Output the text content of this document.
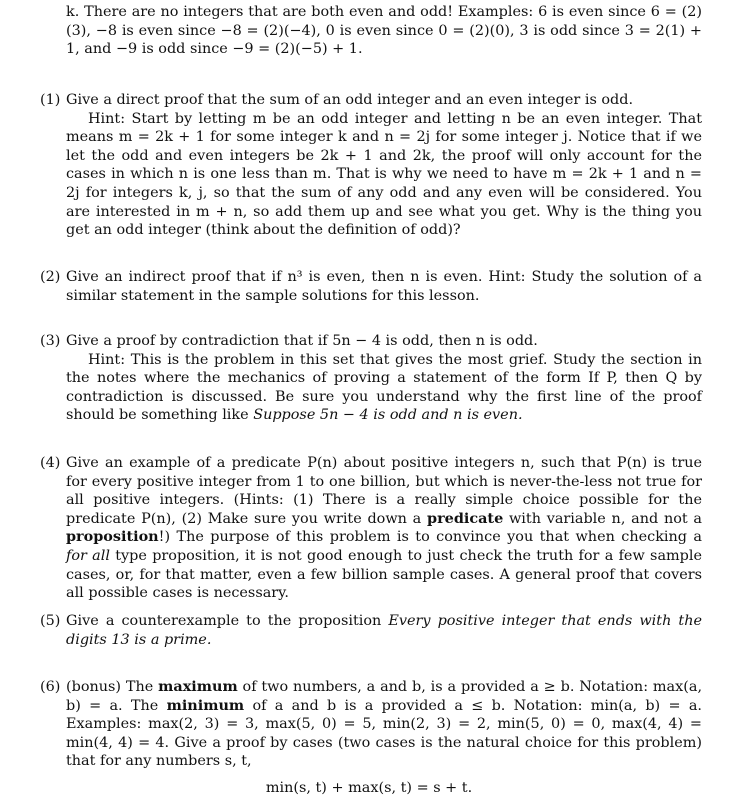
k. There are no integers that are both even and odd! Examples: 6 is even since 6 = (2)(3), −8 is even since −8 = (2)(−4), 0 is even since 0 = (2)(0), 3 is odd since 3 = 2(1) + 1, and −9 is odd since −9 = (2)(−5) + 1.
(1) Give a direct proof that the sum of an odd integer and an even integer is odd.
Hint: Start by letting m be an odd integer and letting n be an even integer. That means m = 2k + 1 for some integer k and n = 2j for some integer j. Notice that if we let the odd and even integers be 2k + 1 and 2k, the proof will only account for the cases in which n is one less than m. That is why we need to have m = 2k + 1 and n = 2j for integers k, j, so that the sum of any odd and any even will be considered. You are interested in m + n, so add them up and see what you get. Why is the thing you get an odd integer (think about the definition of odd)?
(2) Give an indirect proof that if n³ is even, then n is even. Hint: Study the solution of a similar statement in the sample solutions for this lesson.
(3) Give a proof by contradiction that if 5n − 4 is odd, then n is odd.
Hint: This is the problem in this set that gives the most grief. Study the section in the notes where the mechanics of proving a statement of the form If P, then Q by contradiction is discussed. Be sure you understand why the first line of the proof should be something like Suppose 5n − 4 is odd and n is even.
(4) Give an example of a predicate P(n) about positive integers n, such that P(n) is true for every positive integer from 1 to one billion, but which is never-the-less not true for all positive integers. (Hints: (1) There is a really simple choice possible for the predicate P(n), (2) Make sure you write down a predicate with variable n, and not a proposition!) The purpose of this problem is to convince you that when checking a for all type proposition, it is not good enough to just check the truth for a few sample cases, or, for that matter, even a few billion sample cases. A general proof that covers all possible cases is necessary.
(5) Give a counterexample to the proposition Every positive integer that ends with the digits 13 is a prime.
(6) (bonus) The maximum of two numbers, a and b, is a provided a ≥ b. Notation: max(a, b) = a. The minimum of a and b is a provided a ≤ b. Notation: min(a, b) = a. Examples: max(2, 3) = 3, max(5, 0) = 5, min(2, 3) = 2, min(5, 0) = 0, max(4, 4) = min(4, 4) = 4. Give a proof by cases (two cases is the natural choice for this problem) that for any numbers s, t,
min(s, t) + max(s, t) = s + t.
